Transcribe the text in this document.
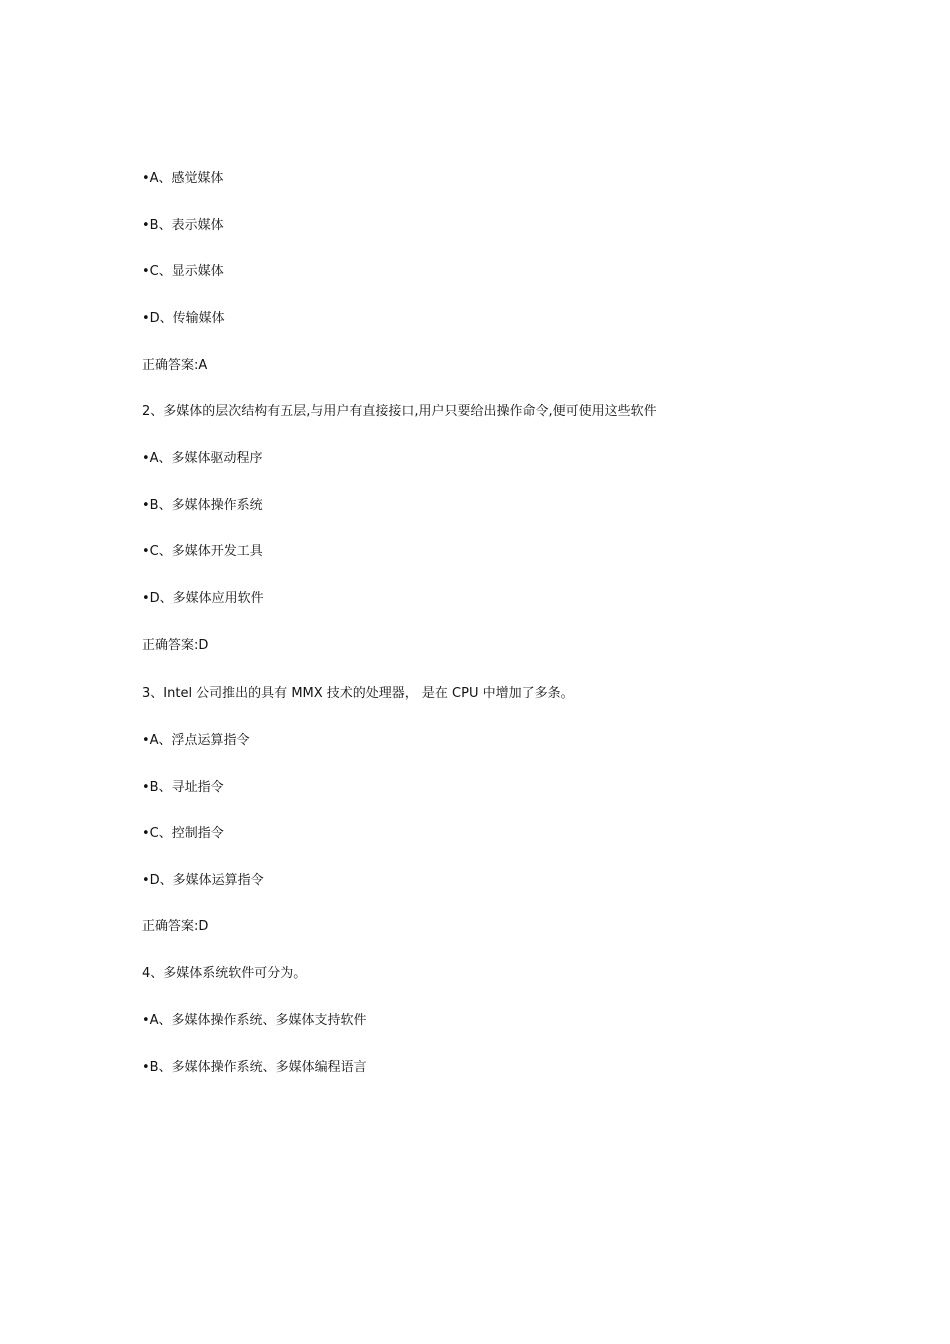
•A、感觉媒体

•B、表示媒体

•C、显示媒体

•D、传输媒体

正确答案:A

2、多媒体的层次结构有五层,与用户有直接接口,用户只要给出操作命令,便可使用这些软件

•A、多媒体驱动程序

•B、多媒体操作系统

•C、多媒体开发工具

•D、多媒体应用软件

正确答案:D

3、Intel 公司推出的具有 MMX 技术的处理器， 是在 CPU 中增加了多条。

•A、浮点运算指令

•B、寻址指令

•C、控制指令

•D、多媒体运算指令

正确答案:D

4、多媒体系统软件可分为。

•A、多媒体操作系统、多媒体支持软件

•B、多媒体操作系统、多媒体编程语言
